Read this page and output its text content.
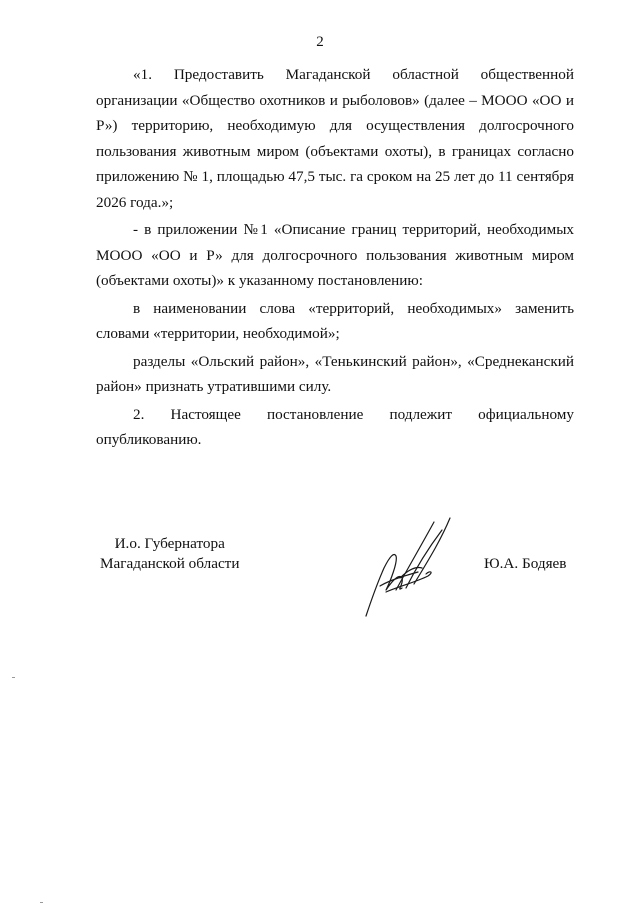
2

«1. Предоставить Магаданской областной общественной организации «Общество охотников и рыболовов» (далее – МООО «ОО и Р») территорию, необходимую для осуществления долгосрочного пользования животным миром (объектами охоты), в границах согласно приложению № 1, площадью 47,5 тыс. га сроком на 25 лет до 11 сентября 2026 года.»;

- в приложении №1 «Описание границ территорий, необходимых МООО «ОО и Р» для долгосрочного пользования животным миром (объектами охоты)» к указанному постановлению:

в наименовании слова «территорий, необходимых» заменить словами «территории, необходимой»;

разделы «Ольский район», «Тенькинский район», «Среднеканский район» признать утратившими силу.

2. Настоящее постановление подлежит официальному опубликованию.

И.о. Губернатора
Магаданской области	Ю.А. Бодяев
